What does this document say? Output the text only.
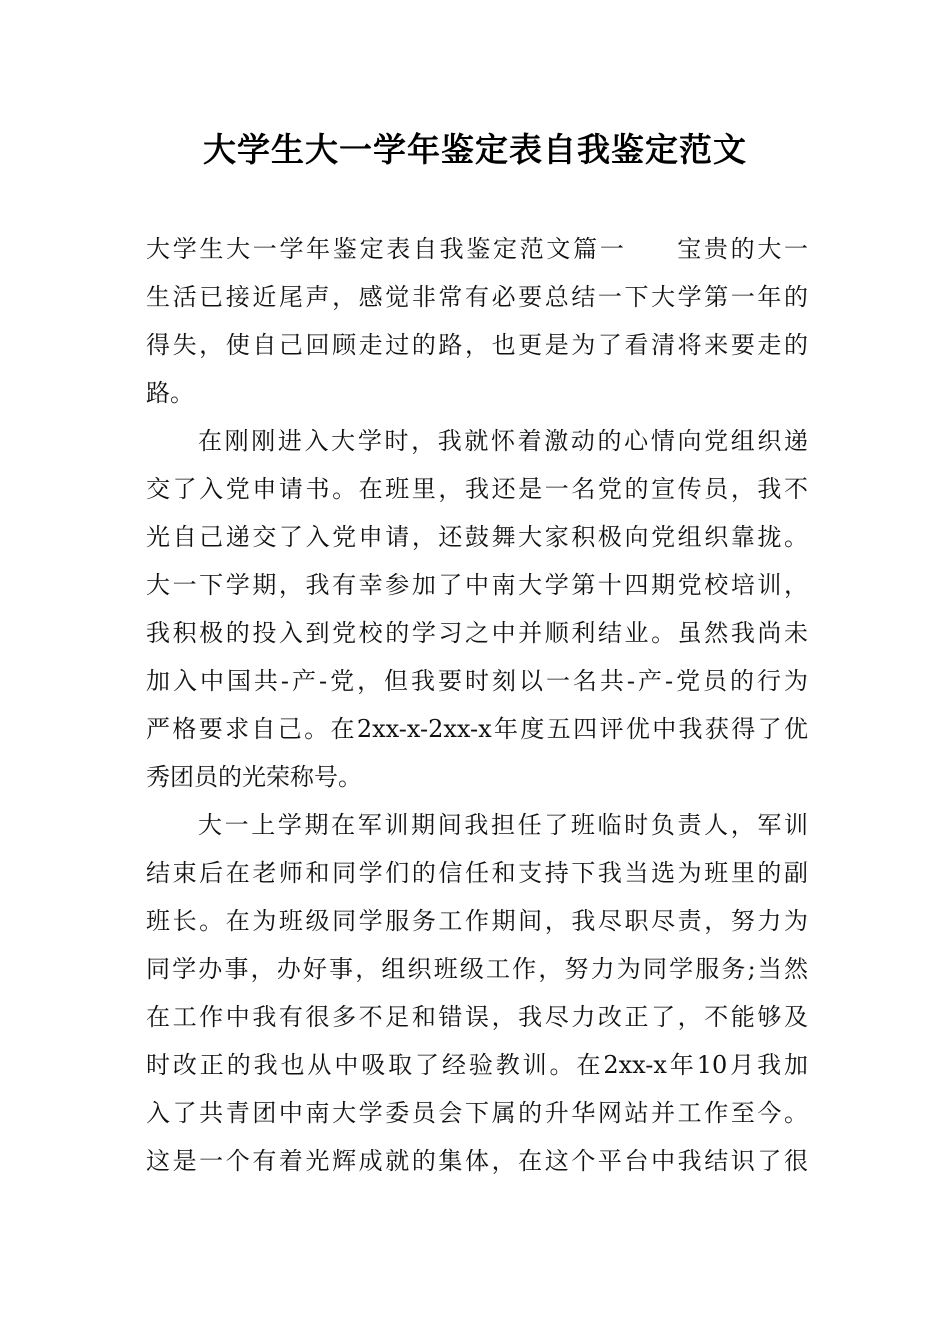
大学生大一学年鉴定表自我鉴定范文
大学生大一学年鉴定表自我鉴定范文篇一 宝贵的大一
生活已接近尾声，感觉非常有必要总结一下大学第一年的
得失，使自己回顾走过的路，也更是为了看清将来要走的
路。
在刚刚进入大学时，我就怀着激动的心情向党组织递
交了入党申请书。在班里，我还是一名党的宣传员，我不
光自己递交了入党申请，还鼓舞大家积极向党组织靠拢。
大一下学期，我有幸参加了中南大学第十四期党校培训，
我积极的投入到党校的学习之中并顺利结业。虽然我尚未
加入中国共-产-党，但我要时刻以一名共-产-党员的行为
严格要求自己。在2xx-x-2xx-x年度五四评优中我获得了优
秀团员的光荣称号。
大一上学期在军训期间我担任了班临时负责人，军训
结束后在老师和同学们的信任和支持下我当选为班里的副
班长。在为班级同学服务工作期间，我尽职尽责，努力为
同学办事，办好事，组织班级工作，努力为同学服务;当然
在工作中我有很多不足和错误，我尽力改正了，不能够及
时改正的我也从中吸取了经验教训。在2xx-x年10月我加
入了共青团中南大学委员会下属的升华网站并工作至今。
这是一个有着光辉成就的集体，在这个平台中我结识了很
